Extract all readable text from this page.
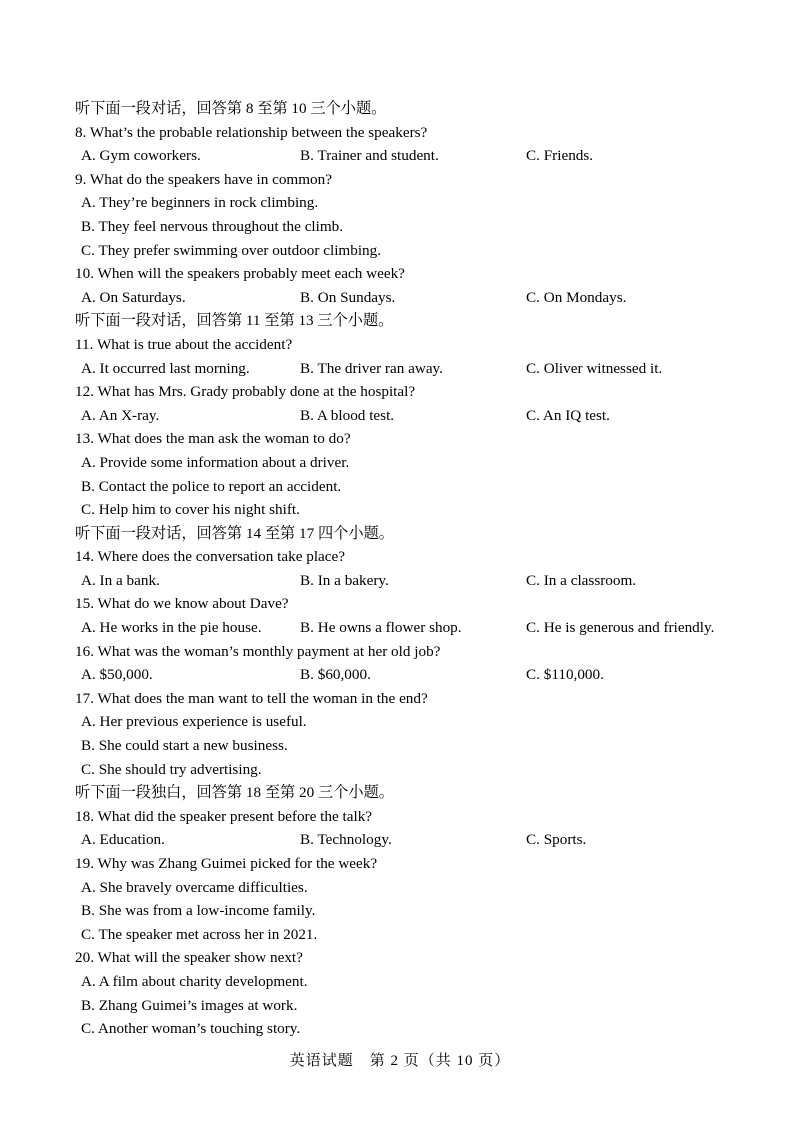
听下面一段对话，回答第 8 至第 10 三个小题。
8. What’s the probable relationship between the speakers?
A. Gym coworkers.	B. Trainer and student.	C. Friends.
9. What do the speakers have in common?
A. They’re beginners in rock climbing.
B. They feel nervous throughout the climb.
C. They prefer swimming over outdoor climbing.
10. When will the speakers probably meet each week?
A. On Saturdays.	B. On Sundays.	C. On Mondays.
听下面一段对话，回答第 11 至第 13 三个小题。
11. What is true about the accident?
A. It occurred last morning.	B. The driver ran away.	C. Oliver witnessed it.
12. What has Mrs. Grady probably done at the hospital?
A. An X-ray.	B. A blood test.	C. An IQ test.
13. What does the man ask the woman to do?
A. Provide some information about a driver.
B. Contact the police to report an accident.
C. Help him to cover his night shift.
听下面一段对话，回答第 14 至第 17 四个小题。
14. Where does the conversation take place?
A. In a bank.	B. In a bakery.	C. In a classroom.
15. What do we know about Dave?
A. He works in the pie house.	B. He owns a flower shop.	C. He is generous and friendly.
16. What was the woman’s monthly payment at her old job?
A. $50,000.	B. $60,000.	C. $110,000.
17. What does the man want to tell the woman in the end?
A. Her previous experience is useful.
B. She could start a new business.
C. She should try advertising.
听下面一段独白，回答第 18 至第 20 三个小题。
18. What did the speaker present before the talk?
A. Education.	B. Technology.	C. Sports.
19. Why was Zhang Guimei picked for the week?
A. She bravely overcame difficulties.
B. She was from a low-income family.
C. The speaker met across her in 2021.
20. What will the speaker show next?
A. A film about charity development.
B. Zhang Guimei’s images at work.
C. Another woman’s touching story.
英语试题　第 2 页（共 10 页）
